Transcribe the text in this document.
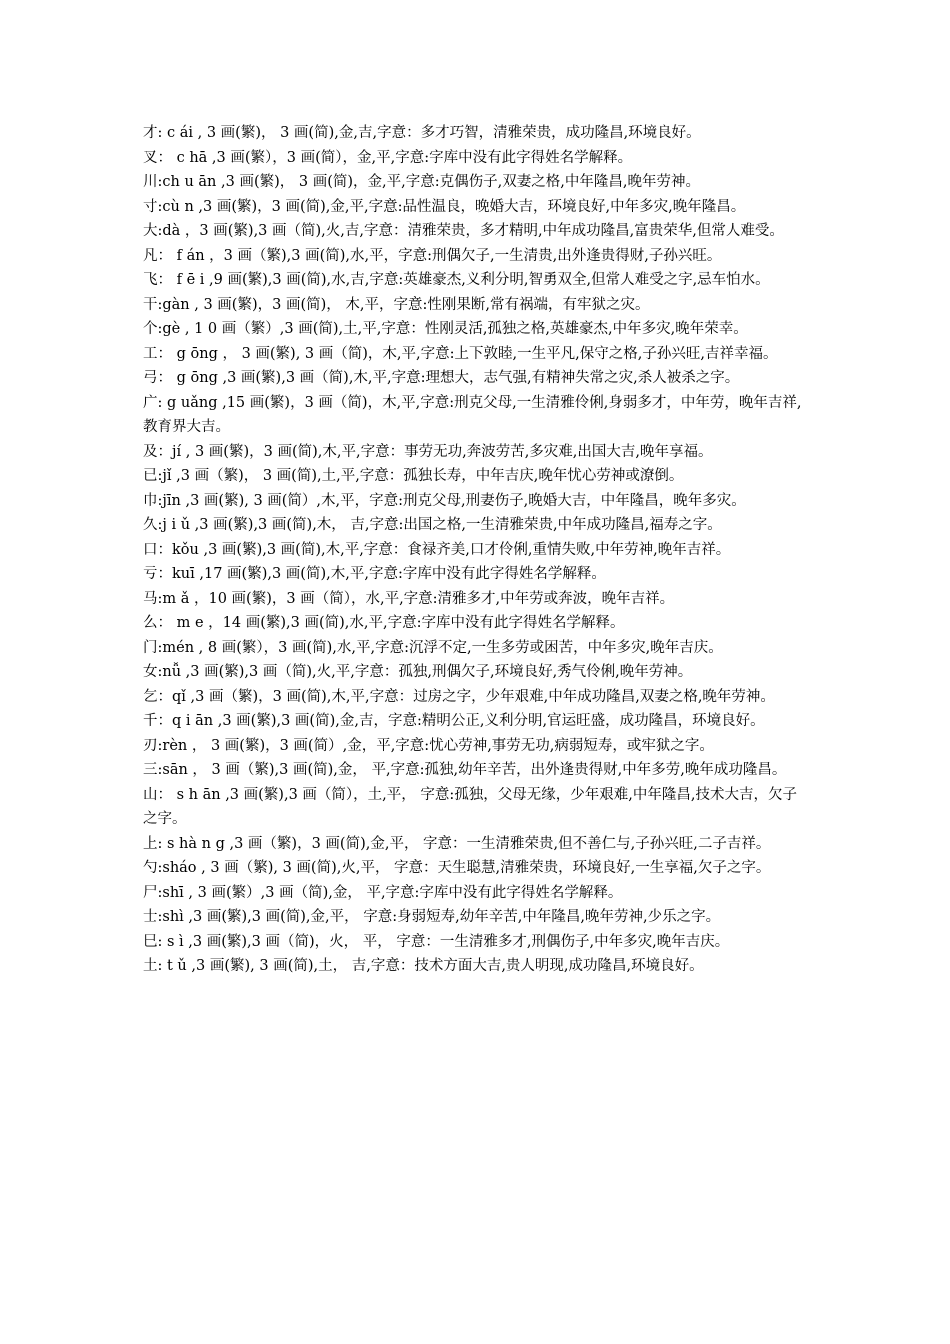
才: c ái , 3 画(繁)， 3 画(简),金,吉,字意：多才巧智，清雅荣贵，成功隆昌,环境良好。

叉： c hā ,3 画(繁），3 画(简），金,平,字意:字库中没有此字得姓名学解释。

川:ch u ān ,3 画(繁)， 3 画(简)，金,平,字意:克偶伤子,双妻之格,中年隆昌,晚年劳神。

寸:cù n ,3 画(繁)，3 画(简),金,平,字意:品性温良，晚婚大吉，环境良好,中年多灾,晚年隆昌。

大:dà ，3 画(繁),3 画（简),火,吉,字意：清雅荣贵，多才精明,中年成功隆昌,富贵荣华,但常人难受。

凡： f án ，3 画（繁),3 画(简),水,平，字意:刑偶欠子,一生清贵,出外逢贵得财,子孙兴旺。

飞： f ē i ,9 画(繁),3 画(简),水,吉,字意:英雄豪杰,义利分明,智勇双全,但常人难受之字,忌车怕水。

干:gàn , 3 画(繁)，3 画(简)， 木,平，字意:性刚果断,常有祸端，有牢狱之灾。

个:gè , 1 0 画（繁）,3 画(简),土,平,字意：性刚灵活,孤独之格,英雄豪杰,中年多灾,晚年荣幸。

工： g ōng ， 3 画(繁), 3 画（简)，木,平,字意:上下敦睦,一生平凡,保守之格,子孙兴旺,吉祥幸福。

弓： g ōng ,3 画(繁),3 画（简),木,平,字意:理想大，志气强,有精神失常之灾,杀人被杀之字。

广: g uǎng ,15 画(繁)，3 画（简)，木,平,字意:刑克父母,一生清雅伶俐,身弱多才，中年劳，晚年吉祥,教育界大吉。

及：jí , 3 画(繁)，3 画(简),木,平,字意：事劳无功,奔波劳苦,多灾难,出国大吉,晚年享福。

已:jǐ ,3 画（繁)， 3 画(简),土,平,字意：孤独长寿，中年吉庆,晚年忧心劳神或潦倒。

巾:jīn ,3 画(繁), 3 画(简）,木,平，字意:刑克父母,刑妻伤子,晚婚大吉，中年隆昌，晚年多灾。

久:j i ǔ ,3 画(繁),3 画(简),木， 吉,字意:出国之格,一生清雅荣贵,中年成功隆昌,福寿之字。

口：kǒu ,3 画(繁),3 画(简),木,平,字意：食禄齐美,口才伶俐,重情失败,中年劳神,晚年吉祥。

亏：kuī ,17 画(繁),3 画(简),木,平,字意:字库中没有此字得姓名学解释。

马:m ǎ ，10 画(繁)，3 画（简），水,平,字意:清雅多才,中年劳或奔波，晚年吉祥。

么： m e ，14 画(繁),3 画(简),水,平,字意:字库中没有此字得姓名学解释。

门:mén , 8 画(繁），3 画(简),水,平,字意:沉浮不定,一生多劳或困苦，中年多灾,晚年吉庆。

女:nǚ ,3 画(繁),3 画（简),火,平,字意：孤独,刑偶欠子,环境良好,秀气伶俐,晚年劳神。

乞：qǐ ,3 画（繁)，3 画(简),木,平,字意：过房之字，少年艰难,中年成功隆昌,双妻之格,晚年劳神。

千：q i ān ,3 画(繁),3 画(简),金,吉，字意:精明公正,义利分明,官运旺盛，成功隆昌，环境良好。

刃:rèn ， 3 画(繁)，3 画(简）,金，平,字意:忧心劳神,事劳无功,病弱短寿，或牢狱之字。

三:sān ， 3 画（繁),3 画(简),金， 平,字意:孤独,幼年辛苦，出外逢贵得财,中年多劳,晚年成功隆昌。

山： s h ān ,3 画(繁),3 画（简），土,平， 字意:孤独，父母无缘，少年艰难,中年隆昌,技术大吉，欠子之字。

上: s hà n g ,3 画（繁)，3 画(简),金,平， 字意：一生清雅荣贵,但不善仁与,子孙兴旺,二子吉祥。

勺:sháo , 3 画（繁), 3 画(简),火,平， 字意：天生聪慧,清雅荣贵，环境良好,一生享福,欠子之字。

尸:shī , 3 画(繁）,3 画（简),金， 平,字意:字库中没有此字得姓名学解释。

士:shì ,3 画(繁),3 画(简),金,平， 字意:身弱短寿,幼年辛苦,中年隆昌,晚年劳神,少乐之字。

巳: s ì ,3 画(繁),3 画（简)，火， 平， 字意：一生清雅多才,刑偶伤子,中年多灾,晚年吉庆。

土: t ǔ ,3 画(繁), 3 画(简),土， 吉,字意：技术方面大吉,贵人明现,成功隆昌,环境良好。
